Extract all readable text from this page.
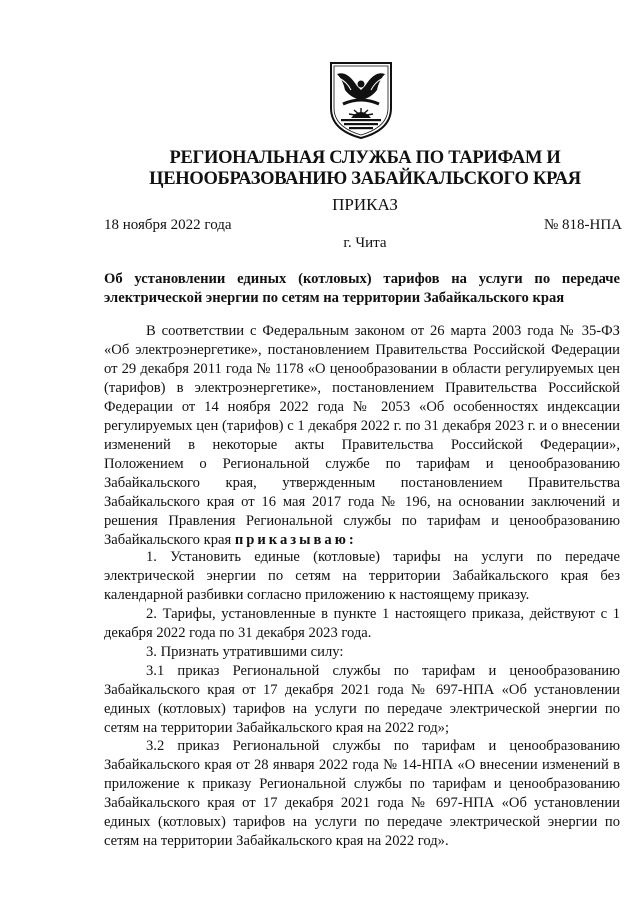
РЕГИОНАЛЬНАЯ СЛУЖБА ПО ТАРИФАМ И
ЦЕНООБРАЗОВАНИЮ ЗАБАЙКАЛЬСКОГО КРАЯ
ПРИКАЗ
18 ноября 2022 года	№ 818-НПА
г. Чита
Об установлении единых (котловых) тарифов на услуги по передаче электрической энергии по сетям на территории Забайкальского края

В соответствии с Федеральным законом от 26 марта 2003 года № 35-ФЗ «Об электроэнергетике», постановлением Правительства Российской Федерации от 29 декабря 2011 года № 1178 «О ценообразовании в области регулируемых цен (тарифов) в электроэнергетике», постановлением Правительства Российской Федерации от 14 ноября 2022 года № 2053 «Об особенностях индексации регулируемых цен (тарифов) с 1 декабря 2022 г. по 31 декабря 2023 г. и о внесении изменений в некоторые акты Правительства Российской Федерации», Положением о Региональной службе по тарифам и ценообразованию Забайкальского края, утвержденным постановлением Правительства Забайкальского края от 16 мая 2017 года № 196, на основании заключений и решения Правления Региональной службы по тарифам и ценообразованию Забайкальского края приказываю:

1. Установить единые (котловые) тарифы на услуги по передаче электрической энергии по сетям на территории Забайкальского края без календарной разбивки согласно приложению к настоящему приказу.

2. Тарифы, установленные в пункте 1 настоящего приказа, действуют с 1 декабря 2022 года по 31 декабря 2023 года.

3. Признать утратившими силу:

3.1 приказ Региональной службы по тарифам и ценообразованию Забайкальского края от 17 декабря 2021 года № 697-НПА «Об установлении единых (котловых) тарифов на услуги по передаче электрической энергии по сетям на территории Забайкальского края на 2022 год»;

3.2 приказ Региональной службы по тарифам и ценообразованию Забайкальского края от 28 января 2022 года № 14-НПА «О внесении изменений в приложение к приказу Региональной службы по тарифам и ценообразованию Забайкальского края от 17 декабря 2021 года № 697-НПА «Об установлении единых (котловых) тарифов на услуги по передаче электрической энергии по сетям на территории Забайкальского края на 2022 год».
